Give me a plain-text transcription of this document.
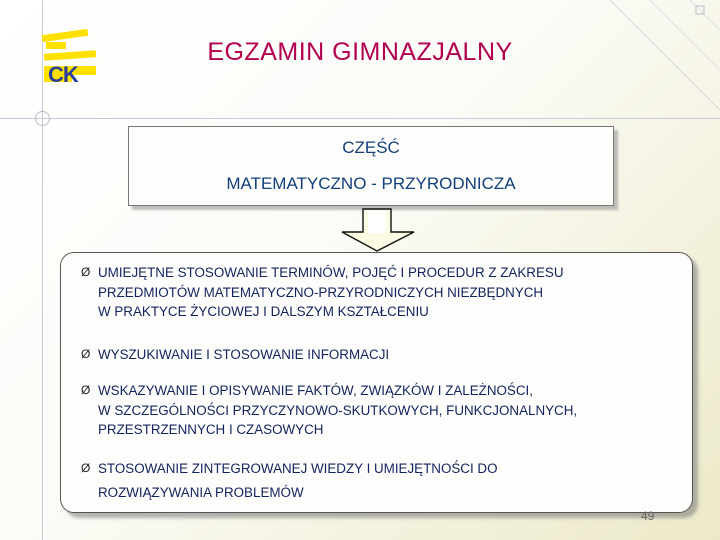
CK
EGZAMIN GIMNAZJALNY
CZĘŚĆ
MATEMATYCZNO - PRZYRODNICZA
Ø UMIEJĘTNE STOSOWANIE TERMINÓW, POJĘĆ I PROCEDUR Z ZAKRESU
PRZEDMIOTÓW MATEMATYCZNO-PRZYRODNICZYCH NIEZBĘDNYCH
W PRAKTYCE ŻYCIOWEJ I DALSZYM KSZTAŁCENIU
Ø WYSZUKIWANIE I STOSOWANIE INFORMACJI
Ø WSKAZYWANIE I OPISYWANIE FAKTÓW, ZWIĄZKÓW I ZALEŻNOŚCI,
W SZCZEGÓLNOŚCI PRZYCZYNOWO-SKUTKOWYCH, FUNKCJONALNYCH,
PRZESTRZENNYCH I CZASOWYCH
Ø STOSOWANIE ZINTEGROWANEJ WIEDZY I UMIEJĘTNOŚCI DO
ROZWIĄZYWANIA PROBLEMÓW
49
